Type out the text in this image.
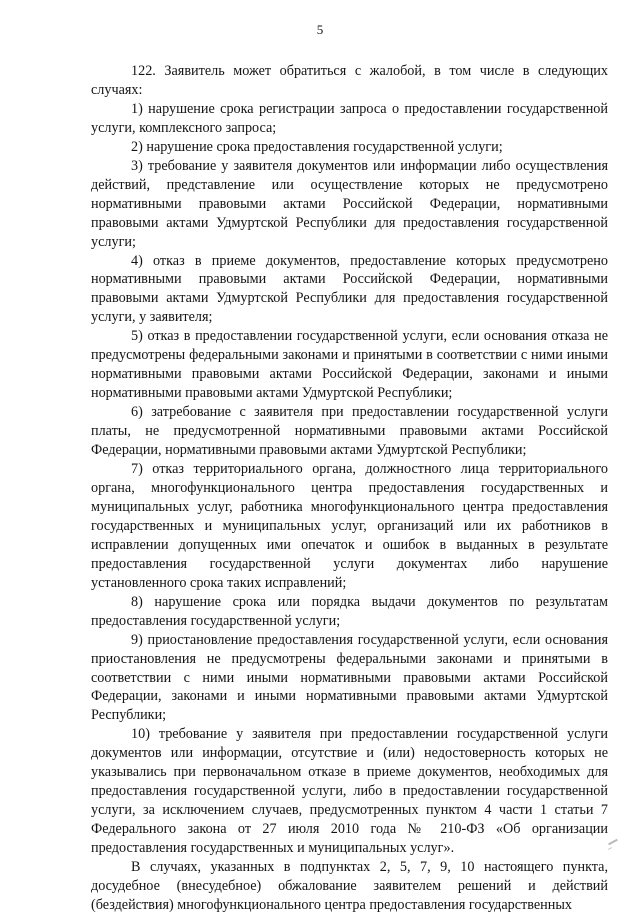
5

122. Заявитель может обратиться с жалобой, в том числе в следующих случаях:

1) нарушение срока регистрации запроса о предоставлении государственной услуги, комплексного запроса;

2) нарушение срока предоставления государственной услуги;

3) требование у заявителя документов или информации либо осуществления действий, представление или осуществление которых не предусмотрено нормативными правовыми актами Российской Федерации, нормативными правовыми актами Удмуртской Республики для предоставления государственной услуги;

4) отказ в приеме документов, предоставление которых предусмотрено нормативными правовыми актами Российской Федерации, нормативными правовыми актами Удмуртской Республики для предоставления государственной услуги, у заявителя;

5) отказ в предоставлении государственной услуги, если основания отказа не предусмотрены федеральными законами и принятыми в соответствии с ними иными нормативными правовыми актами Российской Федерации, законами и иными нормативными правовыми актами Удмуртской Республики;

6) затребование с заявителя при предоставлении государственной услуги платы, не предусмотренной нормативными правовыми актами Российской Федерации, нормативными правовыми актами Удмуртской Республики;

7) отказ территориального органа, должностного лица территориального органа, многофункционального центра предоставления государственных и муниципальных услуг, работника многофункционального центра предоставления государственных и муниципальных услуг, организаций или их работников в исправлении допущенных ими опечаток и ошибок в выданных в результате предоставления государственной услуги документах либо нарушение установленного срока таких исправлений;

8) нарушение срока или порядка выдачи документов по результатам предоставления государственной услуги;

9) приостановление предоставления государственной услуги, если основания приостановления не предусмотрены федеральными законами и принятыми в соответствии с ними иными нормативными правовыми актами Российской Федерации, законами и иными нормативными правовыми актами Удмуртской Республики;

10) требование у заявителя при предоставлении государственной услуги документов или информации, отсутствие и (или) недостоверность которых не указывались при первоначальном отказе в приеме документов, необходимых для предоставления государственной услуги, либо в предоставлении государственной услуги, за исключением случаев, предусмотренных пунктом 4 части 1 статьи 7 Федерального закона от 27 июля 2010 года № 210-ФЗ «Об организации предоставления государственных и муниципальных услуг».

В случаях, указанных в подпунктах 2, 5, 7, 9, 10 настоящего пункта, досудебное (внесудебное) обжалование заявителем решений и действий (бездействия) многофункционального центра предоставления государственных
